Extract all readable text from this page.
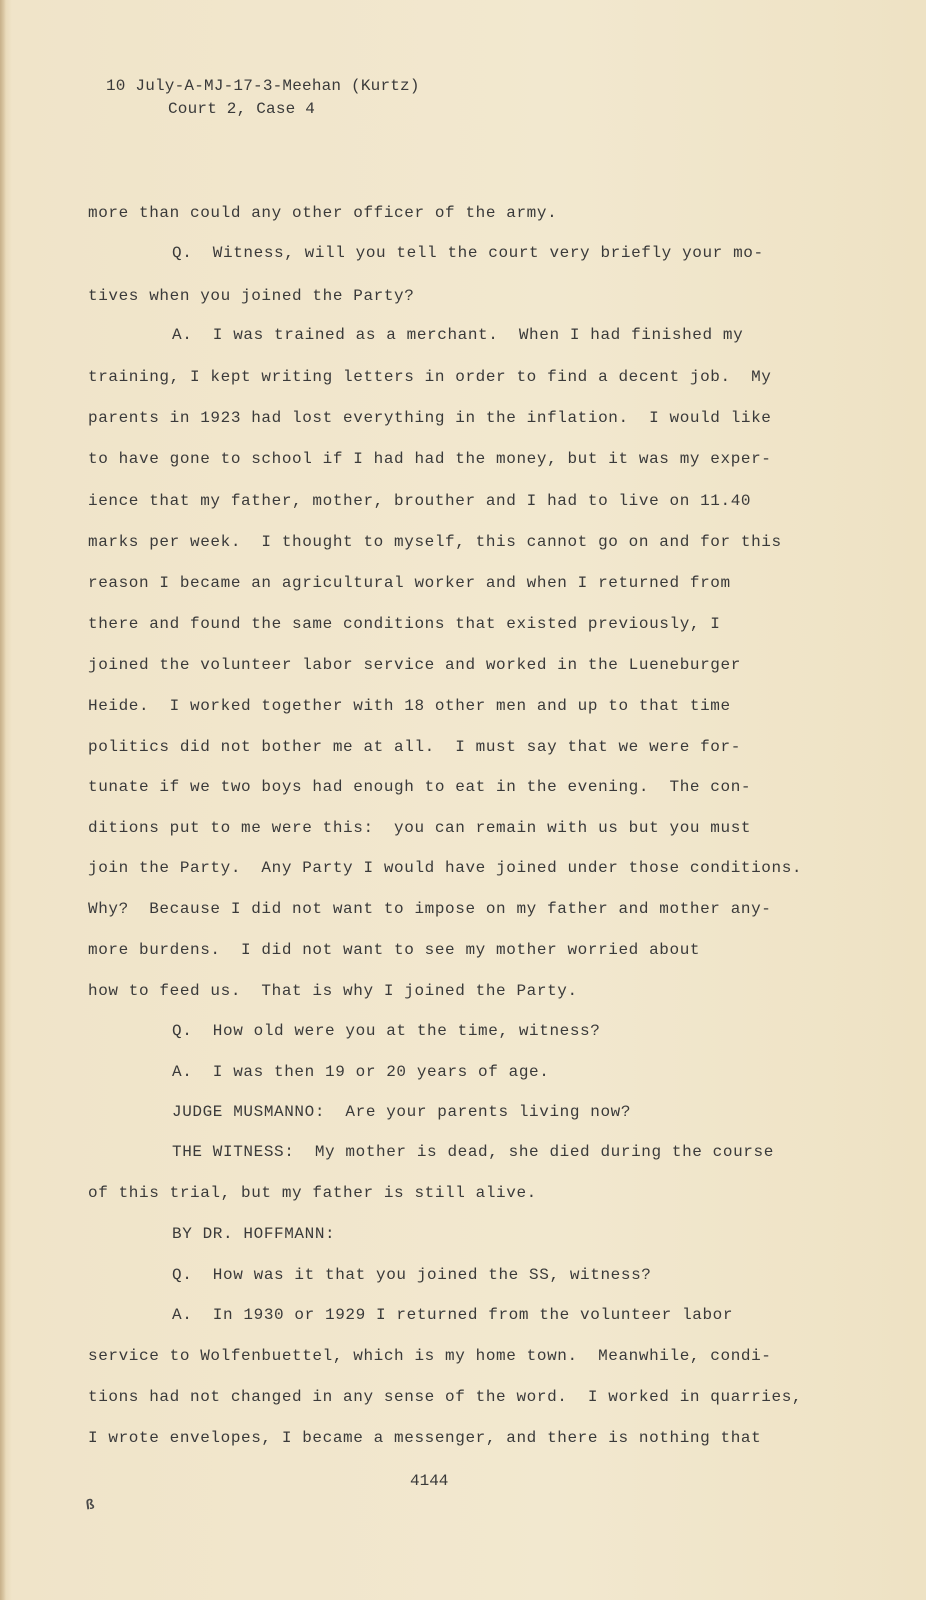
10 July-A-MJ-17-3-Meehan (Kurtz)
Court 2, Case 4
more than could any other officer of the army.
Q.  Witness, will you tell the court very briefly your mo-
tives when you joined the Party?
A.  I was trained as a merchant.  When I had finished my
training, I kept writing letters in order to find a decent job.  My
parents in 1923 had lost everything in the inflation.  I would like
to have gone to school if I had had the money, but it was my exper-
ience that my father, mother, brouther and I had to live on 11.40
marks per week.  I thought to myself, this cannot go on and for this
reason I became an agricultural worker and when I returned from
there and found the same conditions that existed previously, I
joined the volunteer labor service and worked in the Lueneburger
Heide.  I worked together with 18 other men and up to that time
politics did not bother me at all.  I must say that we were for-
tunate if we two boys had enough to eat in the evening.  The con-
ditions put to me were this:  you can remain with us but you must
join the Party.  Any Party I would have joined under those conditions.
Why?  Because I did not want to impose on my father and mother any-
more burdens.  I did not want to see my mother worried about
how to feed us.  That is why I joined the Party.
Q.  How old were you at the time, witness?
A.  I was then 19 or 20 years of age.
JUDGE MUSMANNO:  Are your parents living now?
THE WITNESS:  My mother is dead, she died during the course
of this trial, but my father is still alive.
BY DR. HOFFMANN:
Q.  How was it that you joined the SS, witness?
A.  In 1930 or 1929 I returned from the volunteer labor
service to Wolfenbuettel, which is my home town.  Meanwhile, condi-
tions had not changed in any sense of the word.  I worked in quarries,
I wrote envelopes, I became a messenger, and there is nothing that
4144
ß
